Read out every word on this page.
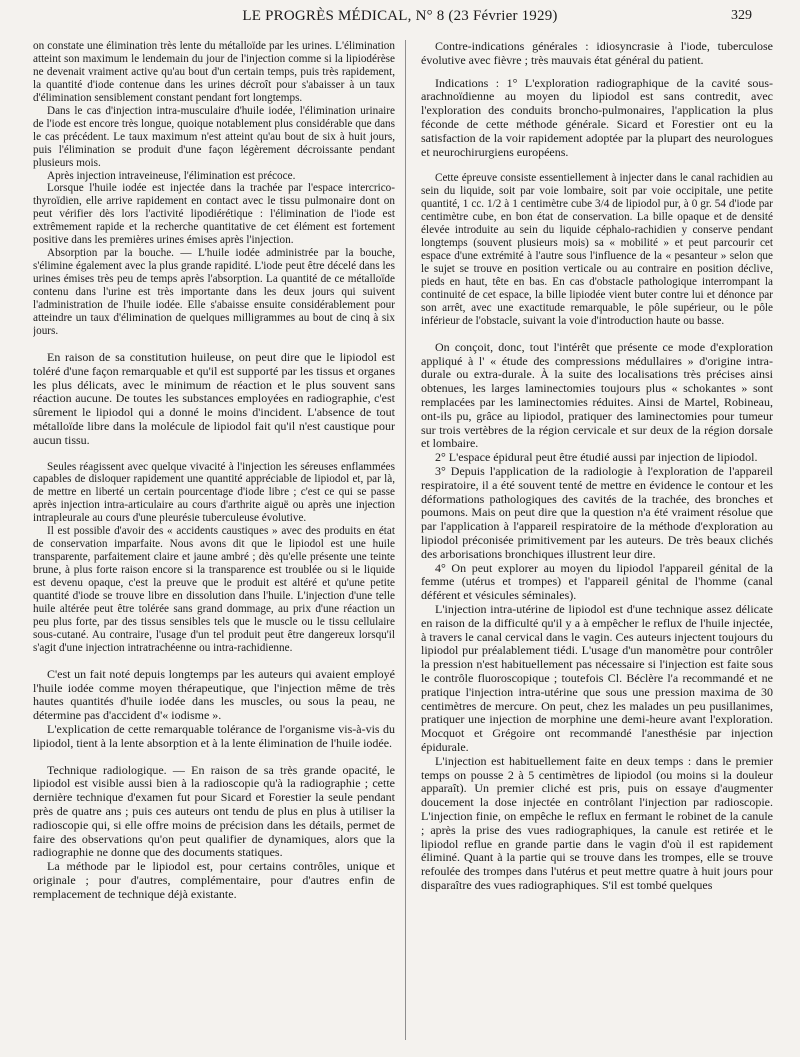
LE PROGRÈS MÉDICAL, N° 8 (23 Février 1929)	329

on constate une élimination très lente du métalloïde par les urines. L'élimination atteint son maximum le lendemain du jour de l'injection comme si la lipiodérèse ne devenait vraiment active qu'au bout d'un certain temps, puis très rapidement, la quantité d'iode contenue dans les urines décroît pour s'abaisser à un taux d'élimination sensiblement constant pendant fort longtemps.

Dans le cas d'injection intra-musculaire d'huile iodée, l'élimination urinaire de l'iode est encore très longue, quoique notablement plus considérable que dans le cas précédent. Le taux maximum n'est atteint qu'au bout de six à huit jours, puis l'élimination se produit d'une façon légèrement décroissante pendant plusieurs mois.

Après injection intraveineuse, l'élimination est précoce.

Lorsque l'huile iodée est injectée dans la trachée par l'espace intercrico-thyroïdien, elle arrive rapidement en contact avec le tissu pulmonaire dont on peut vérifier dès lors l'activité lipodiérétique : l'élimination de l'iode est extrêmement rapide et la recherche quantitative de cet élément est fortement positive dans les premières urines émises après l'injection.

Absorption par la bouche. — L'huile iodée administrée par la bouche, s'élimine également avec la plus grande rapidité. L'iode peut être décelé dans les urines émises très peu de temps après l'absorption. La quantité de ce métalloïde contenu dans l'urine est très importante dans les deux jours qui suivent l'administration de l'huile iodée. Elle s'abaisse ensuite considérablement pour atteindre un taux d'élimination de quelques milligrammes au bout de cinq à six jours.

En raison de sa constitution huileuse, on peut dire que le lipiodol est toléré d'une façon remarquable et qu'il est supporté par les tissus et organes les plus délicats, avec le minimum de réaction et le plus souvent sans réaction aucune. De toutes les substances employées en radiographie, c'est sûrement le lipiodol qui a donné le moins d'incident. L'absence de tout métalloïde libre dans la molécule de lipiodol fait qu'il n'est caustique pour aucun tissu.

Seules réagissent avec quelque vivacité à l'injection les séreuses enflammées capables de disloquer rapidement une quantité appréciable de lipiodol et, par là, de mettre en liberté un certain pourcentage d'iode libre ; c'est ce qui se passe après injection intra-articulaire au cours d'arthrite aiguë ou après une injection intrapleurale au cours d'une pleurésie tuberculeuse évolutive.

Il est possible d'avoir des « accidents caustiques » avec des produits en état de conservation imparfaite. Nous avons dit que le lipiodol est une huile transparente, parfaitement claire et jaune ambré ; dès qu'elle présente une teinte brune, à plus forte raison encore si la transparence est troublée ou si le liquide est devenu opaque, c'est la preuve que le produit est altéré et qu'une petite quantité d'iode se trouve libre en dissolution dans l'huile. L'injection d'une telle huile altérée peut être tolérée sans grand dommage, au prix d'une réaction un peu plus forte, par des tissus sensibles tels que le muscle ou le tissu cellulaire sous-cutané. Au contraire, l'usage d'un tel produit peut être dangereux lorsqu'il s'agit d'une injection intratrachéenne ou intra-rachidienne.

C'est un fait noté depuis longtemps par les auteurs qui avaient employé l'huile iodée comme moyen thérapeutique, que l'injection même de très hautes quantités d'huile iodée dans les muscles, ou sous la peau, ne détermine pas d'accident d'« iodisme ».

L'explication de cette remarquable tolérance de l'organisme vis-à-vis du lipiodol, tient à la lente absorption et à la lente élimination de l'huile iodée.

Technique radiologique. — En raison de sa très grande opacité, le lipiodol est visible aussi bien à la radioscopie qu'à la radiographie ; cette dernière technique d'examen fut pour Sicard et Forestier la seule pendant près de quatre ans ; puis ces auteurs ont tendu de plus en plus à utiliser la radioscopie qui, si elle offre moins de précision dans les détails, permet de faire des observations qu'on peut qualifier de dynamiques, alors que la radiographie ne donne que des documents statiques.

La méthode par le lipiodol est, pour certains contrôles, unique et originale ; pour d'autres, complémentaire, pour d'autres enfin de remplacement de technique déjà existante.

Contre-indications générales : idiosyncrasie à l'iode, tuberculose évolutive avec fièvre ; très mauvais état général du patient.

Indications : 1° L'exploration radiographique de la cavité sous-arachnoïdienne au moyen du lipiodol est sans contredit, avec l'exploration des conduits broncho-pulmonaires, l'application la plus féconde de cette méthode générale. Sicard et Forestier ont eu la satisfaction de la voir rapidement adoptée par la plupart des neurologues et neurochirurgiens européens.

Cette épreuve consiste essentiellement à injecter dans le canal rachidien au sein du liquide, soit par voie lombaire, soit par voie occipitale, une petite quantité, 1 cc. 1/2 à 1 centimètre cube 3/4 de lipiodol pur, à 0 gr. 54 d'iode par centimètre cube, en bon état de conservation. La bille opaque et de densité élevée introduite au sein du liquide céphalo-rachidien y conserve pendant longtemps (souvent plusieurs mois) sa « mobilité » et peut parcourir cet espace d'une extrémité à l'autre sous l'influence de la « pesanteur » selon que le sujet se trouve en position verticale ou au contraire en position déclive, pieds en haut, tête en bas. En cas d'obstacle pathologique interrompant la continuité de cet espace, la bille lipiodée vient buter contre lui et dénonce par son arrêt, avec une exactitude remarquable, le pôle supérieur, ou le pôle inférieur de l'obstacle, suivant la voie d'introduction haute ou basse.

On conçoit, donc, tout l'intérêt que présente ce mode d'exploration appliqué à l' « étude des compressions médullaires » d'origine intra-durale ou extra-durale. À la suite des localisations très précises ainsi obtenues, les larges laminectomies toujours plus « schokantes » sont remplacées par les laminectomies réduites. Ainsi de Martel, Robineau, ont-ils pu, grâce au lipiodol, pratiquer des laminectomies pour tumeur sur trois vertèbres de la région cervicale et sur deux de la région dorsale et lombaire.

2° L'espace épidural peut être étudié aussi par injection de lipiodol.

3° Depuis l'application de la radiologie à l'exploration de l'appareil respiratoire, il a été souvent tenté de mettre en évidence le contour et les déformations pathologiques des cavités de la trachée, des bronches et poumons. Mais on peut dire que la question n'a été vraiment résolue que par l'application à l'appareil respiratoire de la méthode d'exploration au lipiodol préconisée primitivement par les auteurs. De très beaux clichés des arborisations bronchiques illustrent leur dire.

4° On peut explorer au moyen du lipiodol l'appareil génital de la femme (utérus et trompes) et l'appareil génital de l'homme (canal déférent et vésicules séminales).

L'injection intra-utérine de lipiodol est d'une technique assez délicate en raison de la difficulté qu'il y a à empêcher le reflux de l'huile injectée, à travers le canal cervical dans le vagin. Ces auteurs injectent toujours du lipiodol pur préalablement tiédi. L'usage d'un manomètre pour contrôler la pression n'est habituellement pas nécessaire si l'injection est faite sous le contrôle fluoroscopique ; toutefois Cl. Béclère l'a recommandé et ne pratique l'injection intra-utérine que sous une pression maxima de 30 centimètres de mercure. On peut, chez les malades un peu pusillanimes, pratiquer une injection de morphine une demi-heure avant l'exploration. Mocquot et Grégoire ont recommandé l'anesthésie par injection épidurale.

L'injection est habituellement faite en deux temps : dans le premier temps on pousse 2 à 5 centimètres de lipiodol (ou moins si la douleur apparaît). Un premier cliché est pris, puis on essaye d'augmenter doucement la dose injectée en contrôlant l'injection par radioscopie. L'injection finie, on empêche le reflux en fermant le robinet de la canule ; après la prise des vues radiographiques, la canule est retirée et le lipiodol reflue en grande partie dans le vagin d'où il est rapidement éliminé. Quant à la partie qui se trouve dans les trompes, elle se trouve refoulée des trompes dans l'utérus et peut mettre quatre à huit jours pour disparaître des vues radiographiques. S'il est tombé quelques
